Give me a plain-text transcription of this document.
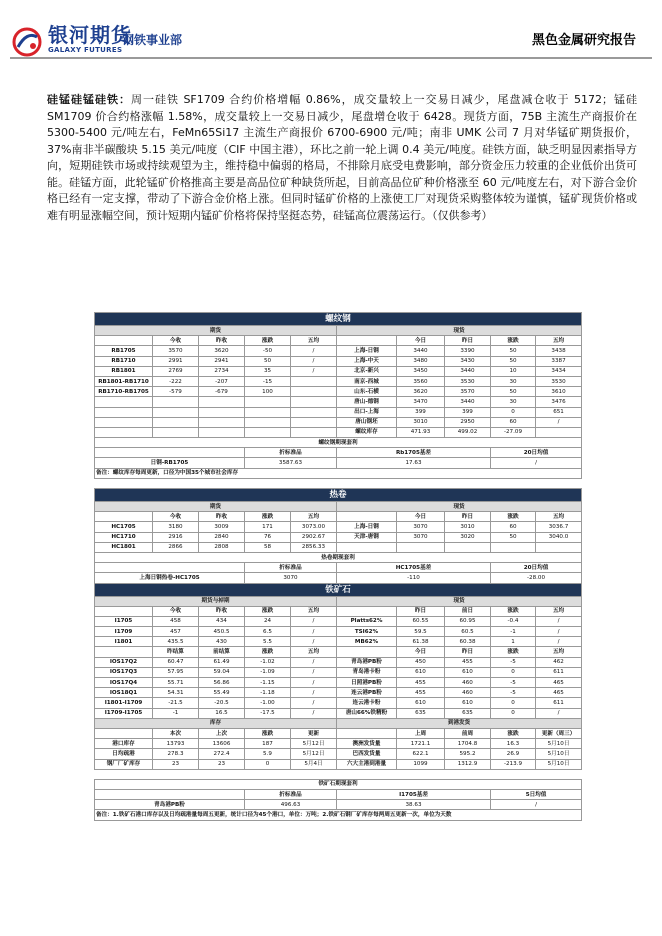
银河期货
GALAXY FUTURES
钢铁事业部	黑色金属研究报告
硅锰硅锰硅铁：周一硅铁 SF1709 合约价格增幅 0.86%，成交量较上一交易日减少，尾盘减仓收于 5172；锰硅 SM1709 价合约格涨幅 1.58%，成交量较上一交易日减少，尾盘增仓收于 6428。现货方面，75B 主流生产商报价在 5300-5400 元/吨左右，FeMn65Si17 主流生产商报价 6700-6900 元/吨；南非 UMK 公司 7 月对华锰矿期货报价，37%南非半碳酸块 5.15 美元/吨度（CIF 中国主港），环比之前一轮上调 0.4 美元/吨度。硅铁方面，缺乏明显因素指导方向，短期硅铁市场或持续观望为主，维持稳中偏弱的格局，不排除月底受电费影响，部分资金压力较重的企业低价出货可能。硅锰方面，此轮锰矿价格推高主要是高品位矿种缺货所起，目前高品位矿种价格涨至 60 元/吨度左右，对下游合金价格已经有一定支撑，带动了下游合金价格上涨。但同时锰矿价格的上涨使工厂对现货采购整体较为谨慎，锰矿现货价格或难有明显涨幅空间，预计短期内锰矿价格将保持坚挺态势，硅锰高位震荡运行。（仅供参考）
螺纹钢									
期货					现货				
	今收	昨收	涨跌	五均		今日	昨日	涨跌	五均
RB1705	3570	3620	-50	/	上海-日钢	3440	3390	50	3438
RB1710	2991	2941	50	/	上海-中天	3480	3430	50	3387
RB1801	2769	2734	35	/	北京-新兴	3450	3440	10	3434
RB1801-RB1710	-222	-207	-15		南京-西城	3560	3530	30	3530
RB1710-RB1705	-579	-679	100		山东-石横	3620	3570	50	3610
					唐山-德钢	3470	3440	30	3476
					出口-上海	399	399	0	651
					唐山钢坯	3010	2950	60	/
					螺纹库存	471.93	499.02	-27.09	
螺纹钢期现套利									
			折标准品		Rb1705基差			20日均值	
日钢-RB1705			3587.63		17.63			/	
备注：螺纹库存每周更新，口径为中国35个城市社会库存									

热卷									
期货					现货				
	今收	昨收	涨跌	五均		今日	昨日	涨跌	五均
HC1705	3180	3009	171	3073.00	上海-日钢	3070	3010	60	3036.7
HC1710	2916	2840	76	2902.67	天津-唐钢	3070	3020	50	3040.0
HC1801	2866	2808	58	2856.33					
热卷期现套利									
			折标准品		HC1705基差			20日均值	
上海日钢热卷-HC1705			3070		-110			-28.00	
铁矿石									
期货与掉期					现货				
	今收	昨收	涨跌	五均		昨日	前日	涨跌	五均
I1705	458	434	24	/	Platts62%	60.55	60.95	-0.4	/
I1709	457	450.5	6.5	/	TSI62%	59.5	60.5	-1	/
I1801	435.5	430	5.5	/	MB62%	61.38	60.38	1	/
	昨结算	前结算	涨跌	五均		今日	昨日	涨跌	五均
IOS17Q2	60.47	61.49	-1.02	/	青岛港PB粉	450	455	-5	462
IOS17Q3	57.95	59.04	-1.09	/	青岛港卡粉	610	610	0	611
IOS17Q4	55.71	56.86	-1.15	/	日照港PB粉	455	460	-5	465
IOS18Q1	54.31	55.49	-1.18	/	连云港PB粉	455	460	-5	465
I1801-I1709	-21.5	-20.5	-1.00	/	连云港卡粉	610	610	0	611
I1709-I1705	-1	16.5	-17.5	/	唐山66%铁精粉	635	635	0	/
库存					到港发货				
	本次	上次	涨跌	更新		上周	前周	涨跌	更新（周三）
港口库存	13793	13606	187	5月12日	澳洲发货量	1721.1	1704.8	16.3	5月10日
日均疏港	278.3	272.4	5.9	5月12日	巴西发货量	622.1	595.2	26.9	5月10日
钢厂厂矿库存	23	23	0	5月4日	六大主港到港量	1099	1312.9	-213.9	5月10日

铁矿石期现套利									
			折标准品		I1705基差			5日均值	
青岛港PB粉			496.63		38.63			/	
备注：1.铁矿石港口库存以及日均疏港量每周五更新，统计口径为45个港口，单位：万吨；2.铁矿石钢厂矿库存每两周五更新一次，单位为天数									
